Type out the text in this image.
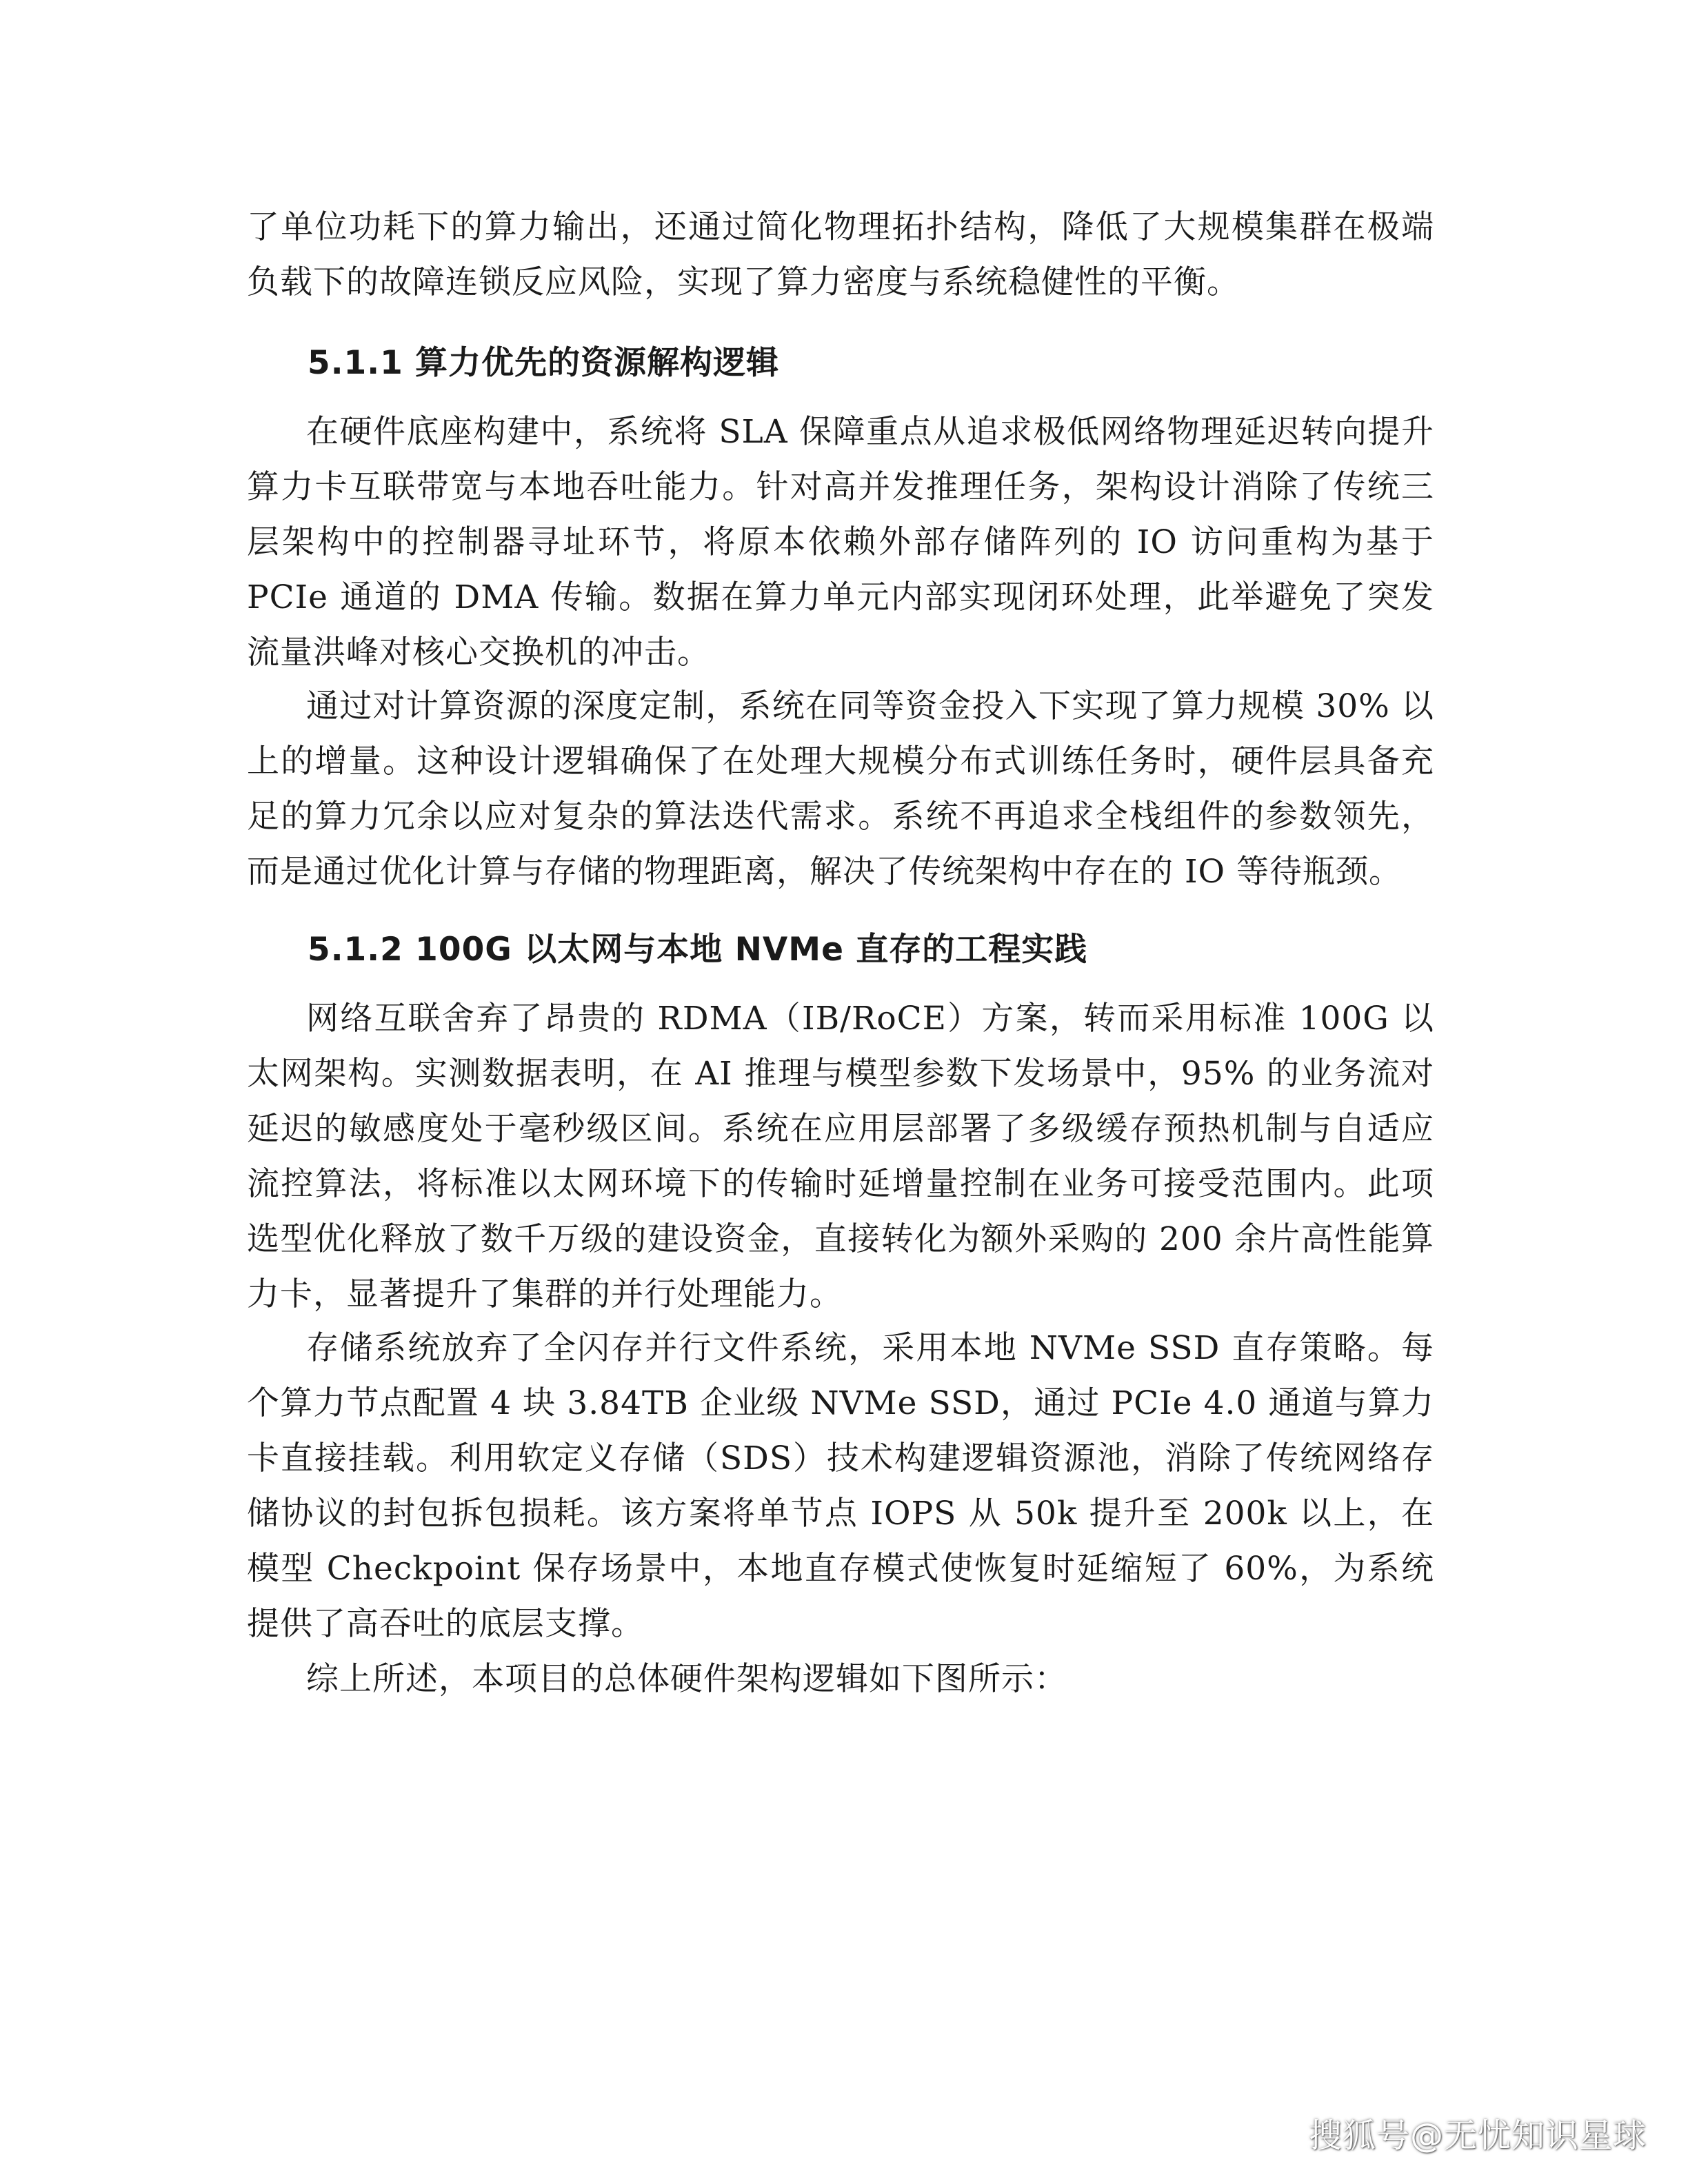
了单位功耗下的算力输出，还通过简化物理拓扑结构，降低了大规模集群在极端负载下的故障连锁反应风险，实现了算力密度与系统稳健性的平衡。

5.1.1 算力优先的资源解构逻辑

在硬件底座构建中，系统将 SLA 保障重点从追求极低网络物理延迟转向提升算力卡互联带宽与本地吞吐能力。针对高并发推理任务，架构设计消除了传统三层架构中的控制器寻址环节，将原本依赖外部存储阵列的 IO 访问重构为基于 PCIe 通道的 DMA 传输。数据在算力单元内部实现闭环处理，此举避免了突发流量洪峰对核心交换机的冲击。

通过对计算资源的深度定制，系统在同等资金投入下实现了算力规模 30% 以上的增量。这种设计逻辑确保了在处理大规模分布式训练任务时，硬件层具备充足的算力冗余以应对复杂的算法迭代需求。系统不再追求全栈组件的参数领先，而是通过优化计算与存储的物理距离，解决了传统架构中存在的 IO 等待瓶颈。

5.1.2 100G 以太网与本地 NVMe 直存的工程实践

网络互联舍弃了昂贵的 RDMA（IB/RoCE）方案，转而采用标准 100G 以太网架构。实测数据表明，在 AI 推理与模型参数下发场景中，95% 的业务流对延迟的敏感度处于毫秒级区间。系统在应用层部署了多级缓存预热机制与自适应流控算法，将标准以太网环境下的传输时延增量控制在业务可接受范围内。此项选型优化释放了数千万级的建设资金，直接转化为额外采购的 200 余片高性能算力卡，显著提升了集群的并行处理能力。

存储系统放弃了全闪存并行文件系统，采用本地 NVMe SSD 直存策略。每个算力节点配置 4 块 3.84TB 企业级 NVMe SSD，通过 PCIe 4.0 通道与算力卡直接挂载。利用软定义存储（SDS）技术构建逻辑资源池，消除了传统网络存储协议的封包拆包损耗。该方案将单节点 IOPS 从 50k 提升至 200k 以上，在模型 Checkpoint 保存场景中，本地直存模式使恢复时延缩短了 60%，为系统提供了高吞吐的底层支撑。

综上所述，本项目的总体硬件架构逻辑如下图所示：

搜狐号@无忧知识星球
